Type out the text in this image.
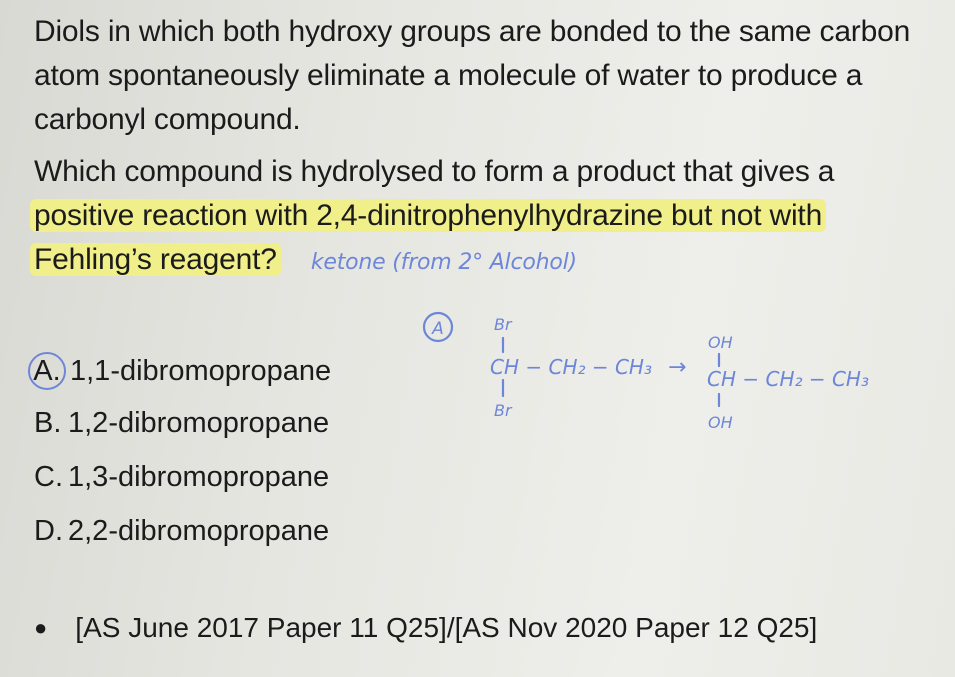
Diols in which both hydroxy groups are bonded to the same carbon atom spontaneously eliminate a molecule of water to produce a carbonyl compound.
Which compound is hydrolysed to form a product that gives a
positive reaction with 2,4-dinitrophenylhydrazine but not with
Fehling’s reagent? ketone (from 2° Alcohol)
A. 1,1-dibromopropane
B. 1,2-dibromopropane
C. 1,3-dibromopropane
D. 2,2-dibromopropane
A	Br
CH − CH₂ − CH₃
Br
→
OH
CH − CH₂ − CH₃
OH
● [AS June 2017 Paper 11 Q25]/[AS Nov 2020 Paper 12 Q25]
